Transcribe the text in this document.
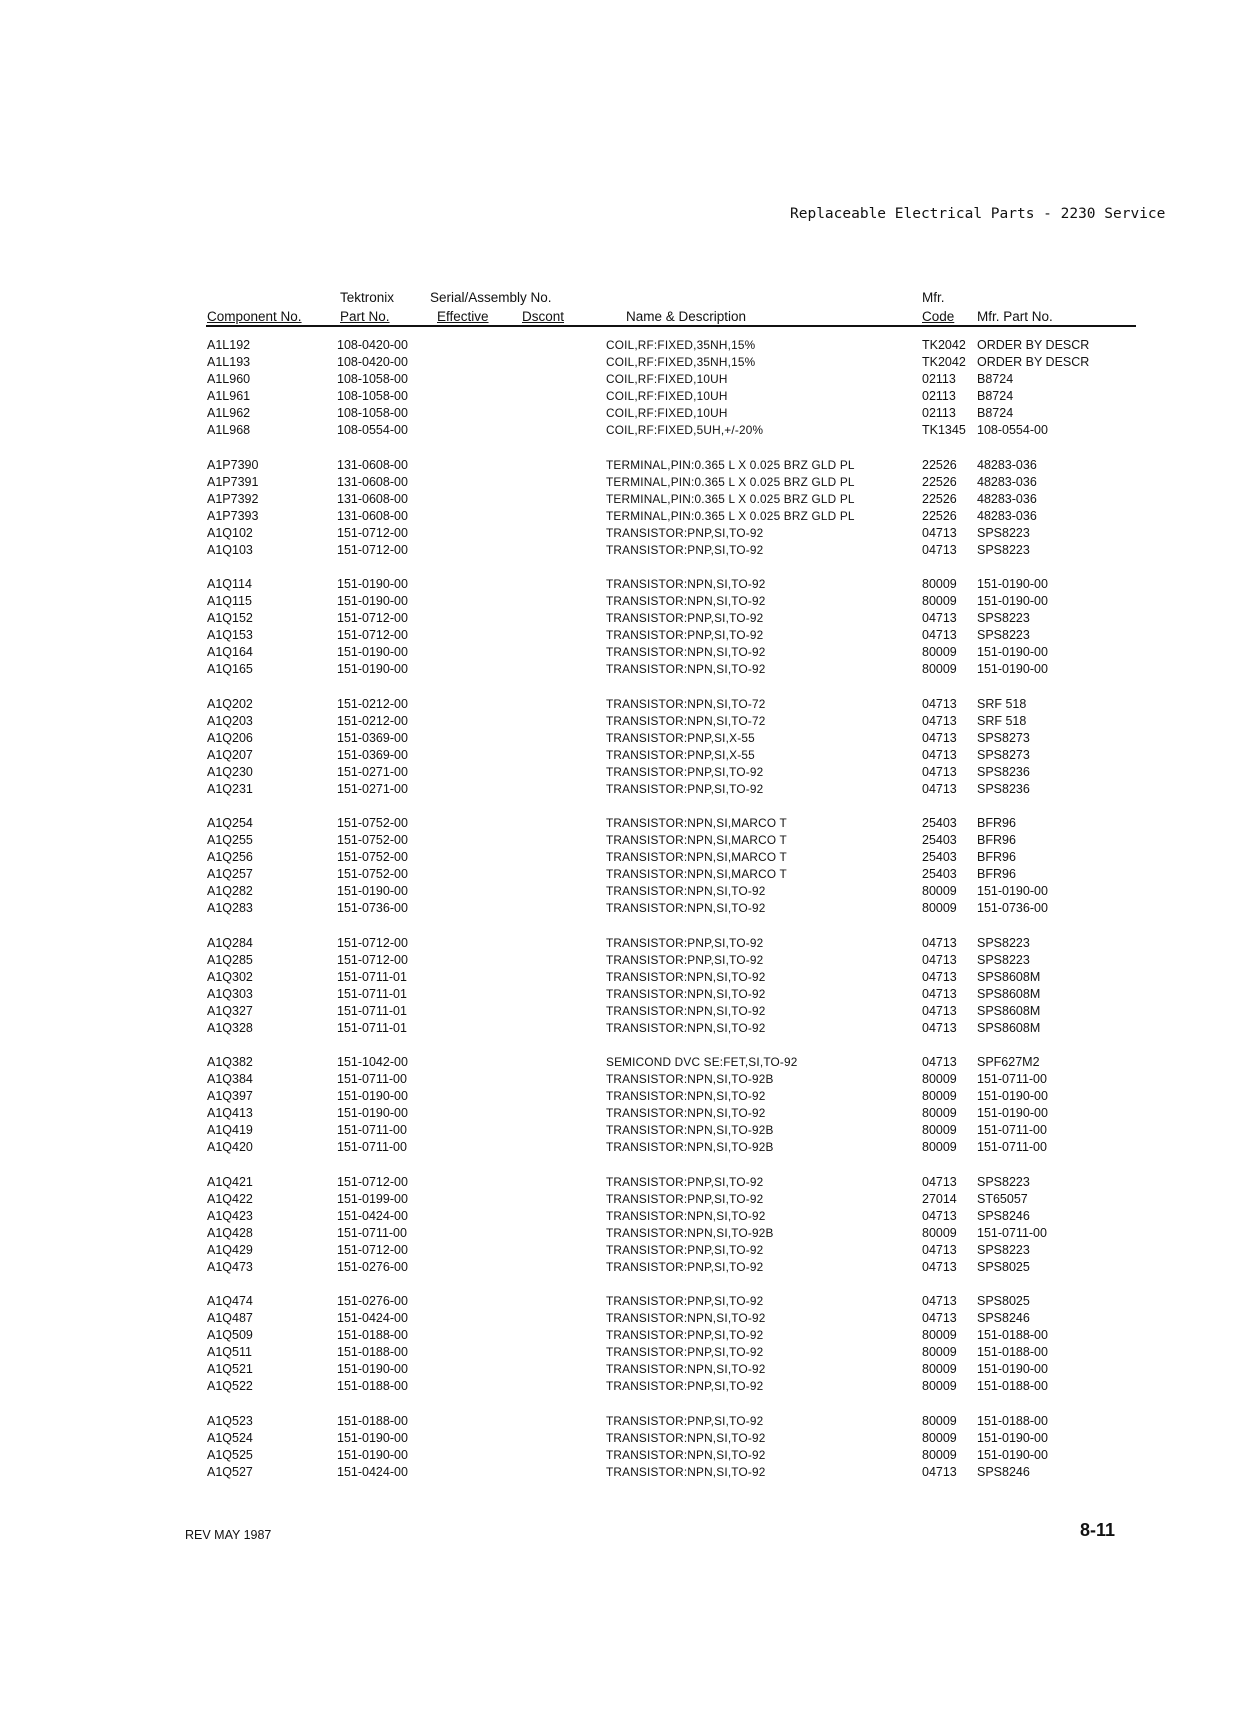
Replaceable Electrical Parts - 2230 Service
Tektronix	Serial/Assembly No.	Mfr.
Component No.	Part No.	Effective Dscont	Name & Description	Code Mfr. Part No.
A1L192	108-0420-00	COIL,RF:FIXED,35NH,15%	TK2042 ORDER BY DESCR
A1L193	108-0420-00	COIL,RF:FIXED,35NH,15%	TK2042 ORDER BY DESCR
A1L960	108-1058-00	COIL,RF:FIXED,10UH	02113 B8724
A1L961	108-1058-00	COIL,RF:FIXED,10UH	02113 B8724
A1L962	108-1058-00	COIL,RF:FIXED,10UH	02113 B8724
A1L968	108-0554-00	COIL,RF:FIXED,5UH,+/-20%	TK1345 108-0554-00
A1P7390	131-0608-00	TERMINAL,PIN:0.365 L X 0.025 BRZ GLD PL	22526 48283-036
A1P7391	131-0608-00	TERMINAL,PIN:0.365 L X 0.025 BRZ GLD PL	22526 48283-036
A1P7392	131-0608-00	TERMINAL,PIN:0.365 L X 0.025 BRZ GLD PL	22526 48283-036
A1P7393	131-0608-00	TERMINAL,PIN:0.365 L X 0.025 BRZ GLD PL	22526 48283-036
A1Q102	151-0712-00	TRANSISTOR:PNP,SI,TO-92	04713 SPS8223
A1Q103	151-0712-00	TRANSISTOR:PNP,SI,TO-92	04713 SPS8223
A1Q114	151-0190-00	TRANSISTOR:NPN,SI,TO-92	80009 151-0190-00
A1Q115	151-0190-00	TRANSISTOR:NPN,SI,TO-92	80009 151-0190-00
A1Q152	151-0712-00	TRANSISTOR:PNP,SI,TO-92	04713 SPS8223
A1Q153	151-0712-00	TRANSISTOR:PNP,SI,TO-92	04713 SPS8223
A1Q164	151-0190-00	TRANSISTOR:NPN,SI,TO-92	80009 151-0190-00
A1Q165	151-0190-00	TRANSISTOR:NPN,SI,TO-92	80009 151-0190-00
A1Q202	151-0212-00	TRANSISTOR:NPN,SI,TO-72	04713 SRF 518
A1Q203	151-0212-00	TRANSISTOR:NPN,SI,TO-72	04713 SRF 518
A1Q206	151-0369-00	TRANSISTOR:PNP,SI,X-55	04713 SPS8273
A1Q207	151-0369-00	TRANSISTOR:PNP,SI,X-55	04713 SPS8273
A1Q230	151-0271-00	TRANSISTOR:PNP,SI,TO-92	04713 SPS8236
A1Q231	151-0271-00	TRANSISTOR:PNP,SI,TO-92	04713 SPS8236
A1Q254	151-0752-00	TRANSISTOR:NPN,SI,MARCO T	25403 BFR96
A1Q255	151-0752-00	TRANSISTOR:NPN,SI,MARCO T	25403 BFR96
A1Q256	151-0752-00	TRANSISTOR:NPN,SI,MARCO T	25403 BFR96
A1Q257	151-0752-00	TRANSISTOR:NPN,SI,MARCO T	25403 BFR96
A1Q282	151-0190-00	TRANSISTOR:NPN,SI,TO-92	80009 151-0190-00
A1Q283	151-0736-00	TRANSISTOR:NPN,SI,TO-92	80009 151-0736-00
A1Q284	151-0712-00	TRANSISTOR:PNP,SI,TO-92	04713 SPS8223
A1Q285	151-0712-00	TRANSISTOR:PNP,SI,TO-92	04713 SPS8223
A1Q302	151-0711-01	TRANSISTOR:NPN,SI,TO-92	04713 SPS8608M
A1Q303	151-0711-01	TRANSISTOR:NPN,SI,TO-92	04713 SPS8608M
A1Q327	151-0711-01	TRANSISTOR:NPN,SI,TO-92	04713 SPS8608M
A1Q328	151-0711-01	TRANSISTOR:NPN,SI,TO-92	04713 SPS8608M
A1Q382	151-1042-00	SEMICOND DVC SE:FET,SI,TO-92	04713 SPF627M2
A1Q384	151-0711-00	TRANSISTOR:NPN,SI,TO-92B	80009 151-0711-00
A1Q397	151-0190-00	TRANSISTOR:NPN,SI,TO-92	80009 151-0190-00
A1Q413	151-0190-00	TRANSISTOR:NPN,SI,TO-92	80009 151-0190-00
A1Q419	151-0711-00	TRANSISTOR:NPN,SI,TO-92B	80009 151-0711-00
A1Q420	151-0711-00	TRANSISTOR:NPN,SI,TO-92B	80009 151-0711-00
A1Q421	151-0712-00	TRANSISTOR:PNP,SI,TO-92	04713 SPS8223
A1Q422	151-0199-00	TRANSISTOR:PNP,SI,TO-92	27014 ST65057
A1Q423	151-0424-00	TRANSISTOR:NPN,SI,TO-92	04713 SPS8246
A1Q428	151-0711-00	TRANSISTOR:NPN,SI,TO-92B	80009 151-0711-00
A1Q429	151-0712-00	TRANSISTOR:PNP,SI,TO-92	04713 SPS8223
A1Q473	151-0276-00	TRANSISTOR:PNP,SI,TO-92	04713 SPS8025
A1Q474	151-0276-00	TRANSISTOR:PNP,SI,TO-92	04713 SPS8025
A1Q487	151-0424-00	TRANSISTOR:NPN,SI,TO-92	04713 SPS8246
A1Q509	151-0188-00	TRANSISTOR:PNP,SI,TO-92	80009 151-0188-00
A1Q511	151-0188-00	TRANSISTOR:PNP,SI,TO-92	80009 151-0188-00
A1Q521	151-0190-00	TRANSISTOR:NPN,SI,TO-92	80009 151-0190-00
A1Q522	151-0188-00	TRANSISTOR:PNP,SI,TO-92	80009 151-0188-00
A1Q523	151-0188-00	TRANSISTOR:PNP,SI,TO-92	80009 151-0188-00
A1Q524	151-0190-00	TRANSISTOR:NPN,SI,TO-92	80009 151-0190-00
A1Q525	151-0190-00	TRANSISTOR:NPN,SI,TO-92	80009 151-0190-00
A1Q527	151-0424-00	TRANSISTOR:NPN,SI,TO-92	04713 SPS8246
REV MAY 1987	8-11
